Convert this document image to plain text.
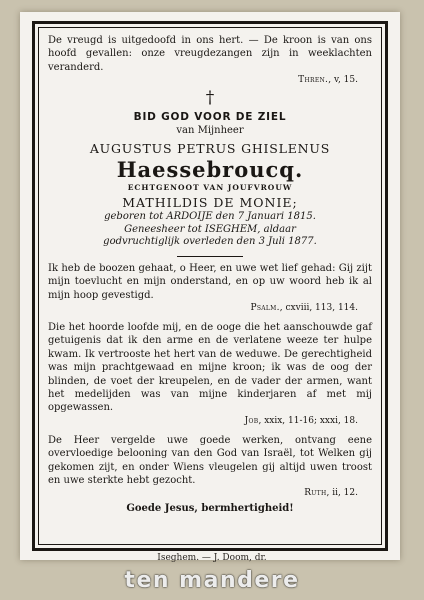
De vreugd is uitgedoofd in ons hert. — De kroon is van ons hoofd gevallen: onze vreugdezangen zijn in weeklachten veranderd.

Thren., v, 15.

†
BID GOD VOOR DE ZIEL
van Mijnheer
AUGUSTUS PETRUS GHISLENUS
Haessebroucq.
ECHTGENOOT VAN JOUFVROUW
MATHILDIS DE MONIE;
geboren tot ARDOIJE den 7 Januari 1815.
Geneesheer tot ISEGHEM, aldaar
godvruchtiglijk overleden den 3 Juli 1877.

Ik heb de boozen gehaat, o Heer, en uwe wet lief gehad: Gij zijt mijn toevlucht en mijn onderstand, en op uw woord heb ik al mijn hoop gevestigd.

Psalm., cxviii, 113, 114.

Die het hoorde loofde mij, en de ooge die het aanschouwde gaf getuigenis dat ik den arme en de verlatene weeze ter hulpe kwam. Ik vertrooste het hert van de weduwe. De gerechtigheid was mijn prachtgewaad en mijne kroon; ik was de oog der blinden, de voet der kreupelen, en de vader der armen, want het medelijden was van mijne kinderjaren af met mij opgewassen.

Job, xxix, 11-16; xxxi, 18.

De Heer vergelde uwe goede werken, ontvang eene overvloedige belooning van den God van Israël, tot Welken gij gekomen zijt, en onder Wiens vleugelen gij altijd uwen troost en uwe sterkte hebt gezocht.

Ruth, ii, 12.

Goede Jesus, bermhertigheid!
Iseghem. — J. Doom, dr.
ten mandere
